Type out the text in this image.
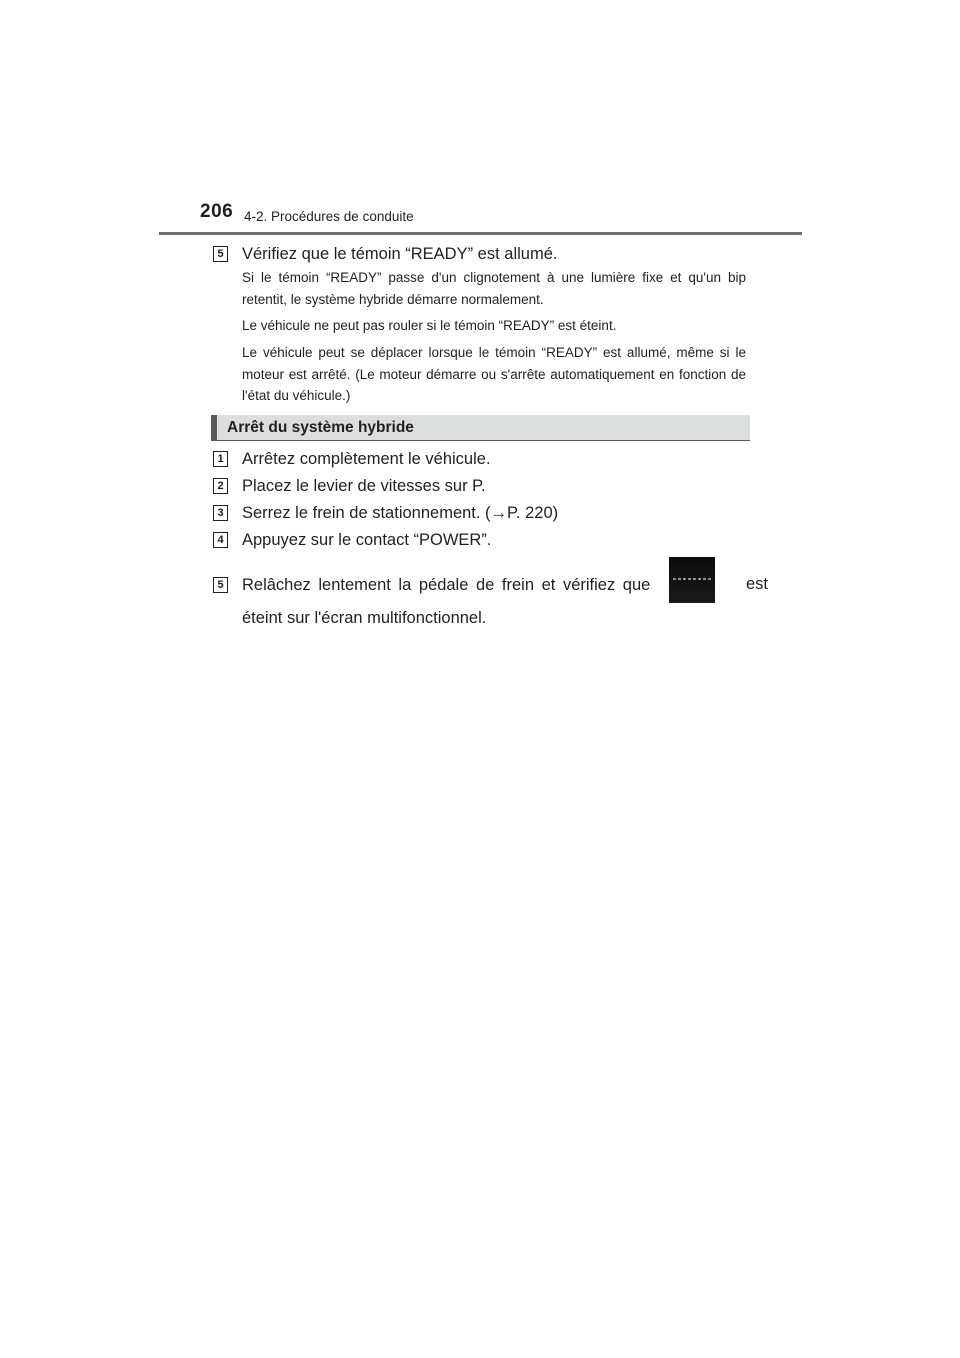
206 4-2. Procédures de conduite
5 Vérifiez que le témoin “READY” est allumé.
Si le témoin “READY” passe d'un clignotement à une lumière fixe et qu'un bip retentit, le système hybride démarre normalement.
Le véhicule ne peut pas rouler si le témoin “READY” est éteint.
Le véhicule peut se déplacer lorsque le témoin “READY” est allumé, même si le moteur est arrêté. (Le moteur démarre ou s'arrête automatiquement en fonction de l'état du véhicule.)
Arrêt du système hybride
1 Arrêtez complètement le véhicule.
2 Placez le levier de vitesses sur P.
3 Serrez le frein de stationnement. (→P. 220)
4 Appuyez sur le contact “POWER”.
5 Relâchez lentement la pédale de frein et vérifiez que	est
éteint sur l'écran multifonctionnel.
